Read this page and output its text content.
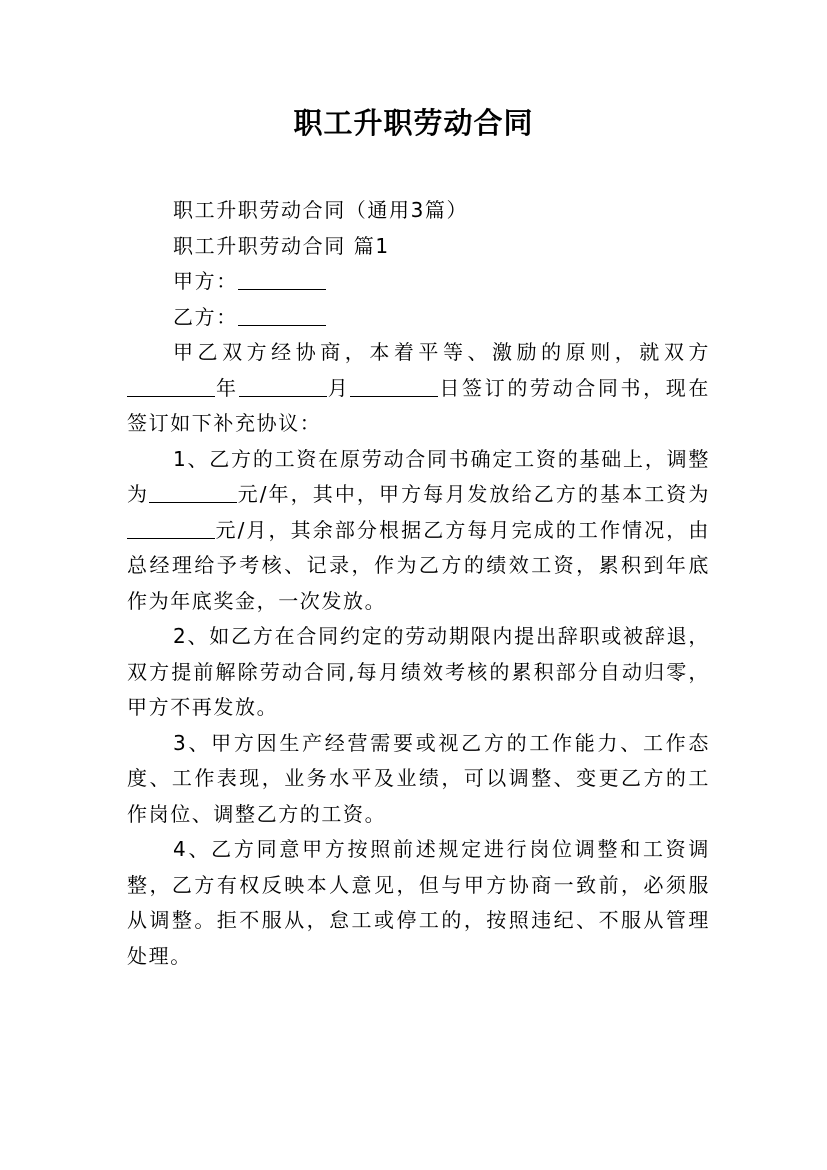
职工升职劳动合同

职工升职劳动合同（通用3篇）

职工升职劳动合同 篇1

甲方：

乙方：

甲乙双方经协商，本着平等、激励的原则，就双方年	月	日签订的劳动合同书，现在签订如下补充协议：

1、乙方的工资在原劳动合同书确定工资的基础上，调整为	元/年，其中，甲方每月发放给乙方的基本工资为元/月，其余部分根据乙方每月完成的工作情况，由总经理给予考核、记录，作为乙方的绩效工资，累积到年底作为年底奖金，一次发放。

2、如乙方在合同约定的劳动期限内提出辞职或被辞退，双方提前解除劳动合同,每月绩效考核的累积部分自动归零，甲方不再发放。

3、甲方因生产经营需要或视乙方的工作能力、工作态度、工作表现，业务水平及业绩，可以调整、变更乙方的工作岗位、调整乙方的工资。

4、乙方同意甲方按照前述规定进行岗位调整和工资调整，乙方有权反映本人意见，但与甲方协商一致前，必须服从调整。拒不服从，怠工或停工的，按照违纪、不服从管理处理。
